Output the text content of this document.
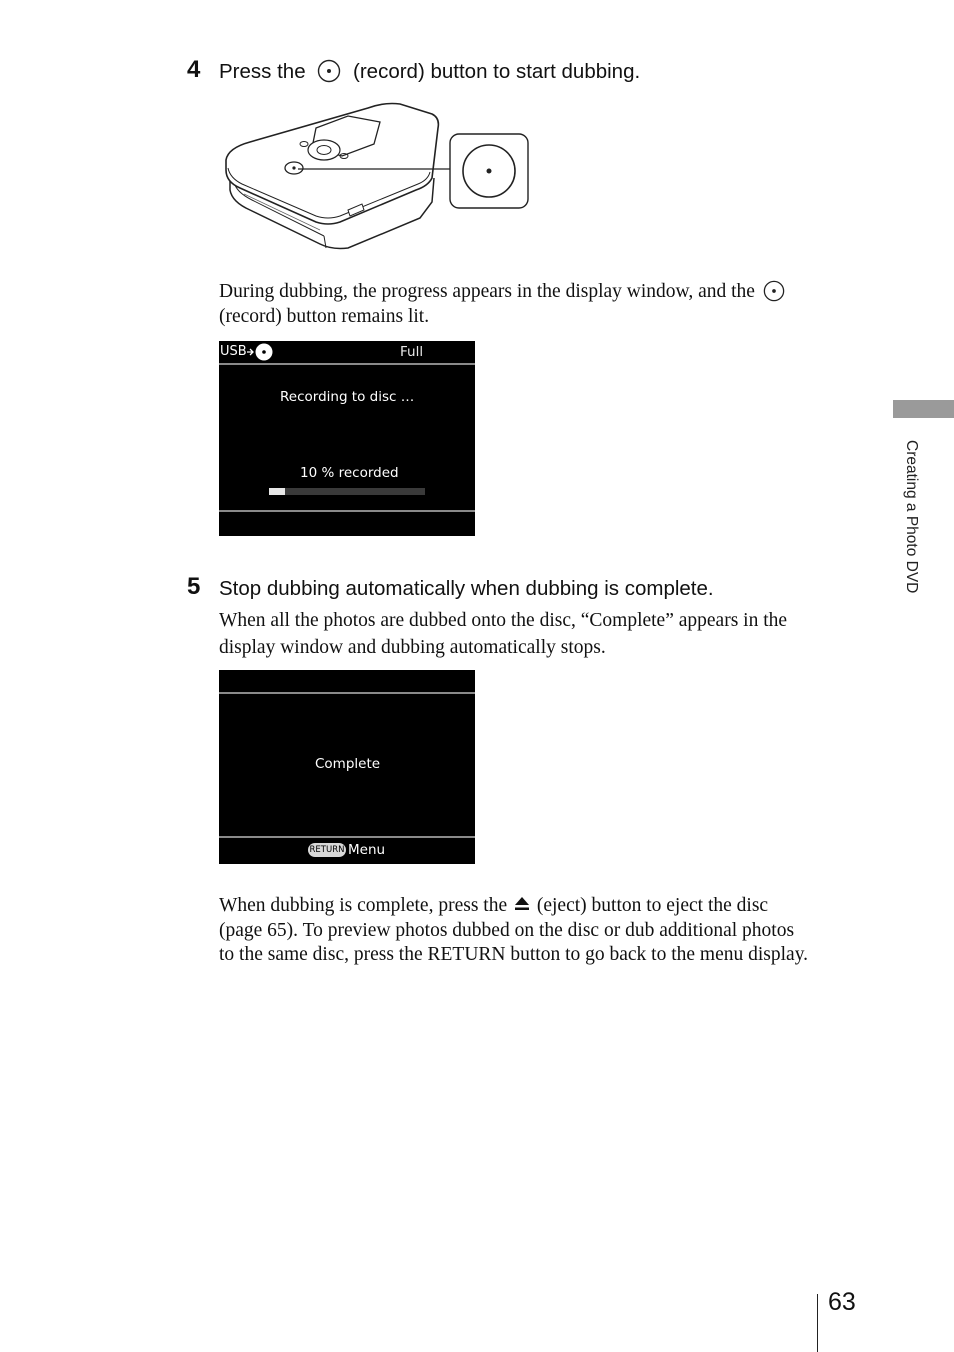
4 Press the (record) button to start dubbing.
During dubbing, the progress appears in the display window, and the
(record) button remains lit.
USB	Full
Recording to disc …
10 % recorded
5 Stop dubbing automatically when dubbing is complete.
When all the photos are dubbed onto the disc, “Complete” appears in the
display window and dubbing automatically stops.
Complete
RETURN Menu
When dubbing is complete, press the (eject) button to eject the disc
(page 65). To preview photos dubbed on the disc or dub additional photos
to the same disc, press the RETURN button to go back to the menu display.
Creating a Photo DVD
63
